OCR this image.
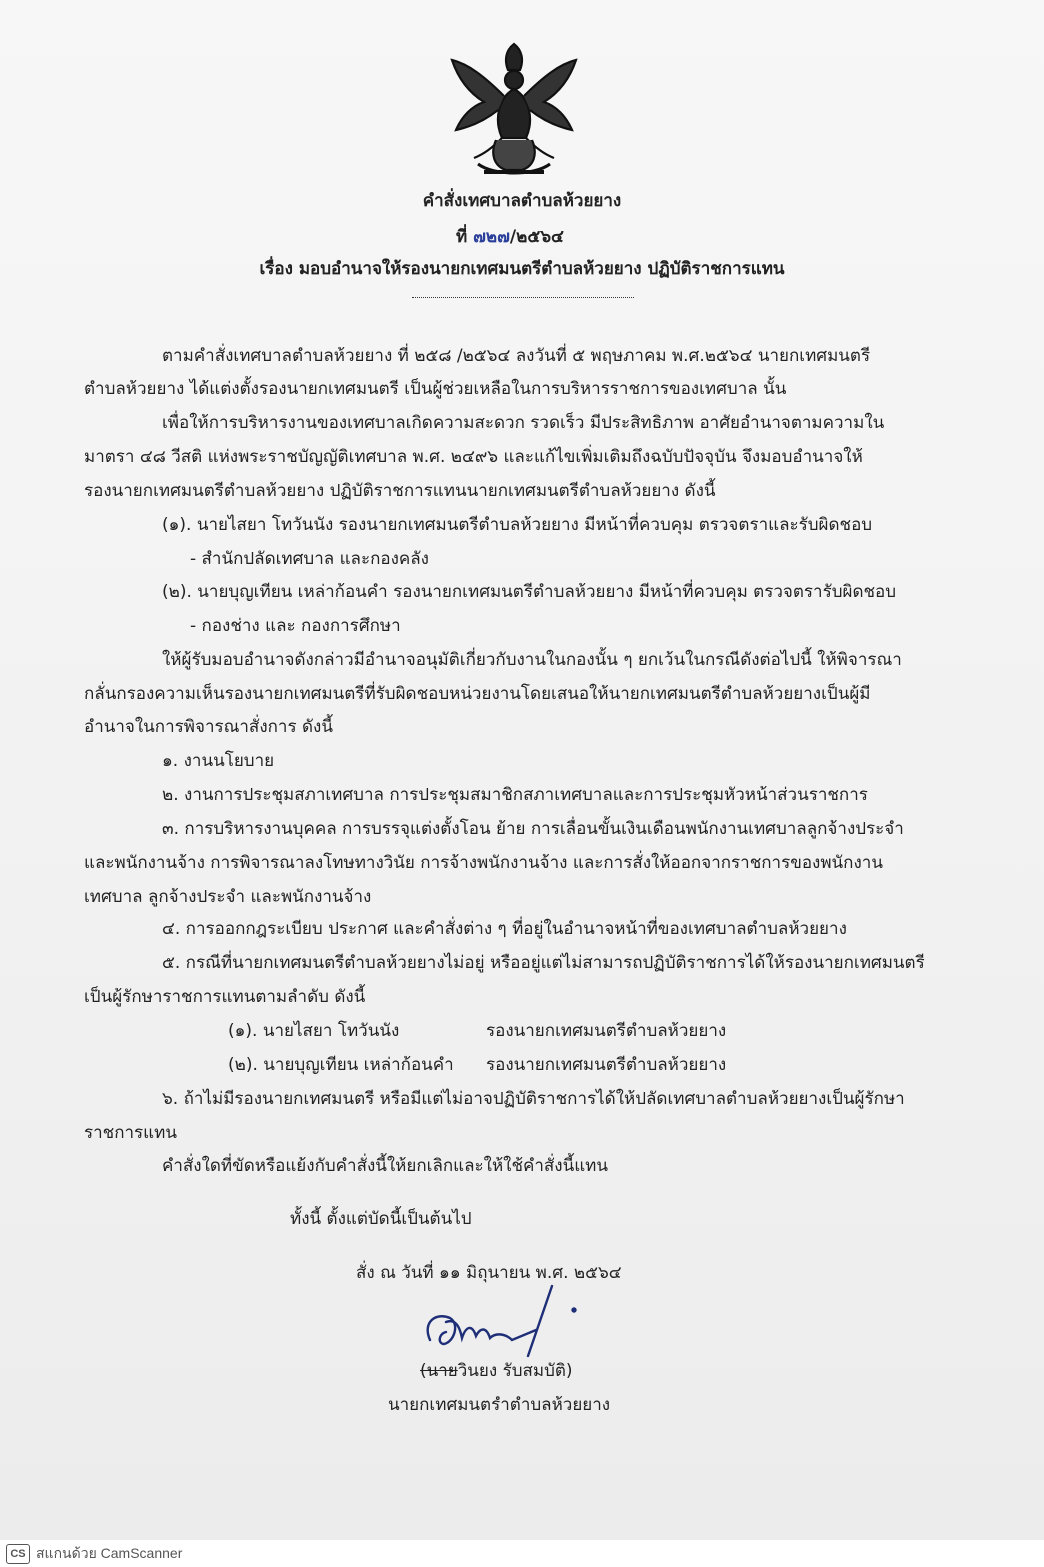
คำสั่งเทศบาลตำบลห้วยยาง
ที่ ๗๒๗/๒๕๖๔
เรื่อง มอบอำนาจให้รองนายกเทศมนตรีตำบลห้วยยาง ปฏิบัติราชการแทน
ตามคำสั่งเทศบาลตำบลห้วยยาง ที่ ๒๕๘ /๒๕๖๔ ลงวันที่ ๕ พฤษภาคม พ.ศ.๒๕๖๔ นายกเทศมนตรี
ตำบลห้วยยาง ได้แต่งตั้งรองนายกเทศมนตรี เป็นผู้ช่วยเหลือในการบริหารราชการของเทศบาล นั้น
เพื่อให้การบริหารงานของเทศบาลเกิดความสะดวก รวดเร็ว มีประสิทธิภาพ อาศัยอำนาจตามความใน
มาตรา ๔๘ วีสติ แห่งพระราชบัญญัติเทศบาล พ.ศ. ๒๔๙๖ และแก้ไขเพิ่มเติมถึงฉบับปัจจุบัน จึงมอบอำนาจให้
รองนายกเทศมนตรีตำบลห้วยยาง ปฏิบัติราชการแทนนายกเทศมนตรีตำบลห้วยยาง ดังนี้
(๑). นายไสยา โทวันนัง รองนายกเทศมนตรีตำบลห้วยยาง มีหน้าที่ควบคุม ตรวจตราและรับผิดชอบ
- สำนักปลัดเทศบาล และกองคลัง
(๒). นายบุญเทียน เหล่าก้อนคำ รองนายกเทศมนตรีตำบลห้วยยาง มีหน้าที่ควบคุม ตรวจตรารับผิดชอบ
- กองช่าง และ กองการศึกษา
ให้ผู้รับมอบอำนาจดังกล่าวมีอำนาจอนุมัติเกี่ยวกับงานในกองนั้น ๆ ยกเว้นในกรณีดังต่อไปนี้ ให้พิจารณา
กลั่นกรองความเห็นรองนายกเทศมนตรีที่รับผิดชอบหน่วยงานโดยเสนอให้นายกเทศมนตรีตำบลห้วยยางเป็นผู้มี
อำนาจในการพิจารณาสั่งการ ดังนี้
๑. งานนโยบาย
๒. งานการประชุมสภาเทศบาล การประชุมสมาชิกสภาเทศบาลและการประชุมหัวหน้าส่วนราชการ
๓. การบริหารงานบุคคล การบรรจุแต่งตั้งโอน ย้าย การเลื่อนขั้นเงินเดือนพนักงานเทศบาลลูกจ้างประจำ
และพนักงานจ้าง การพิจารณาลงโทษทางวินัย การจ้างพนักงานจ้าง และการสั่งให้ออกจากราชการของพนักงาน
เทศบาล ลูกจ้างประจำ และพนักงานจ้าง
๔. การออกกฎระเบียบ ประกาศ และคำสั่งต่าง ๆ ที่อยู่ในอำนาจหน้าที่ของเทศบาลตำบลห้วยยาง
๕. กรณีที่นายกเทศมนตรีตำบลห้วยยางไม่อยู่ หรืออยู่แต่ไม่สามารถปฏิบัติราชการได้ให้รองนายกเทศมนตรี
เป็นผู้รักษาราชการแทนตามลำดับ ดังนี้
(๑). นายไสยา โทวันนัง	รองนายกเทศมนตรีตำบลห้วยยาง
(๒). นายบุญเทียน เหล่าก้อนคำ รองนายกเทศมนตรีตำบลห้วยยาง
๖. ถ้าไม่มีรองนายกเทศมนตรี หรือมีแต่ไม่อาจปฏิบัติราชการได้ให้ปลัดเทศบาลตำบลห้วยยางเป็นผู้รักษา
ราชการแทน
คำสั่งใดที่ขัดหรือแย้งกับคำสั่งนี้ให้ยกเลิกและให้ใช้คำสั่งนี้แทน
ทั้งนี้ ตั้งแต่บัดนี้เป็นต้นไป
สั่ง ณ วันที่ ๑๑ มิถุนายน พ.ศ. ๒๕๖๔
(นายวินยง รับสมบัติ)
นายกเทศมนตรำตำบลห้วยยาง
CS สแกนด้วย CamScanner
